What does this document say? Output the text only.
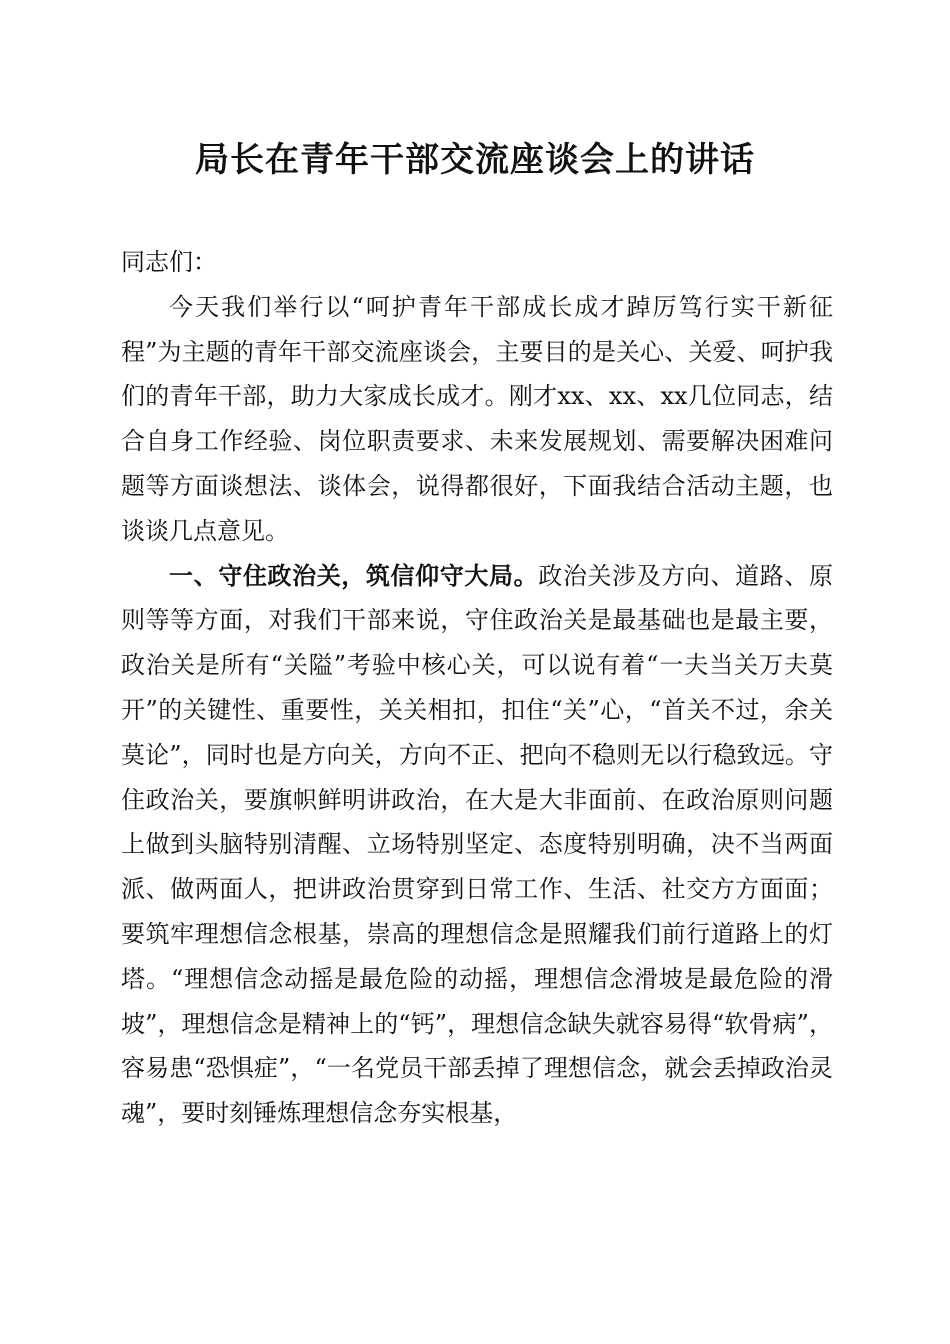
局长在青年干部交流座谈会上的讲话

同志们：

今天我们举行以“呵护青年干部成长成才踔厉笃行实干新征程”为主题的青年干部交流座谈会，主要目的是关心、关爱、呵护我们的青年干部，助力大家成长成才。刚才xx、xx、xx几位同志，结合自身工作经验、岗位职责要求、未来发展规划、需要解决困难问题等方面谈想法、谈体会，说得都很好，下面我结合活动主题，也谈谈几点意见。

一、守住政治关，筑信仰守大局。政治关涉及方向、道路、原则等等方面，对我们干部来说，守住政治关是最基础也是最主要，政治关是所有“关隘”考验中核心关，可以说有着“一夫当关万夫莫开”的关键性、重要性，关关相扣，扣住“关”心，“首关不过，余关莫论”，同时也是方向关，方向不正、把向不稳则无以行稳致远。守住政治关，要旗帜鲜明讲政治，在大是大非面前、在政治原则问题上做到头脑特别清醒、立场特别坚定、态度特别明确，决不当两面派、做两面人，把讲政治贯穿到日常工作、生活、社交方方面面；要筑牢理想信念根基，崇高的理想信念是照耀我们前行道路上的灯塔。“理想信念动摇是最危险的动摇，理想信念滑坡是最危险的滑坡”，理想信念是精神上的“钙”，理想信念缺失就容易得“软骨病”，容易患“恐惧症”，“一名党员干部丢掉了理想信念，就会丢掉政治灵魂”，要时刻锤炼理想信念夯实根基，
